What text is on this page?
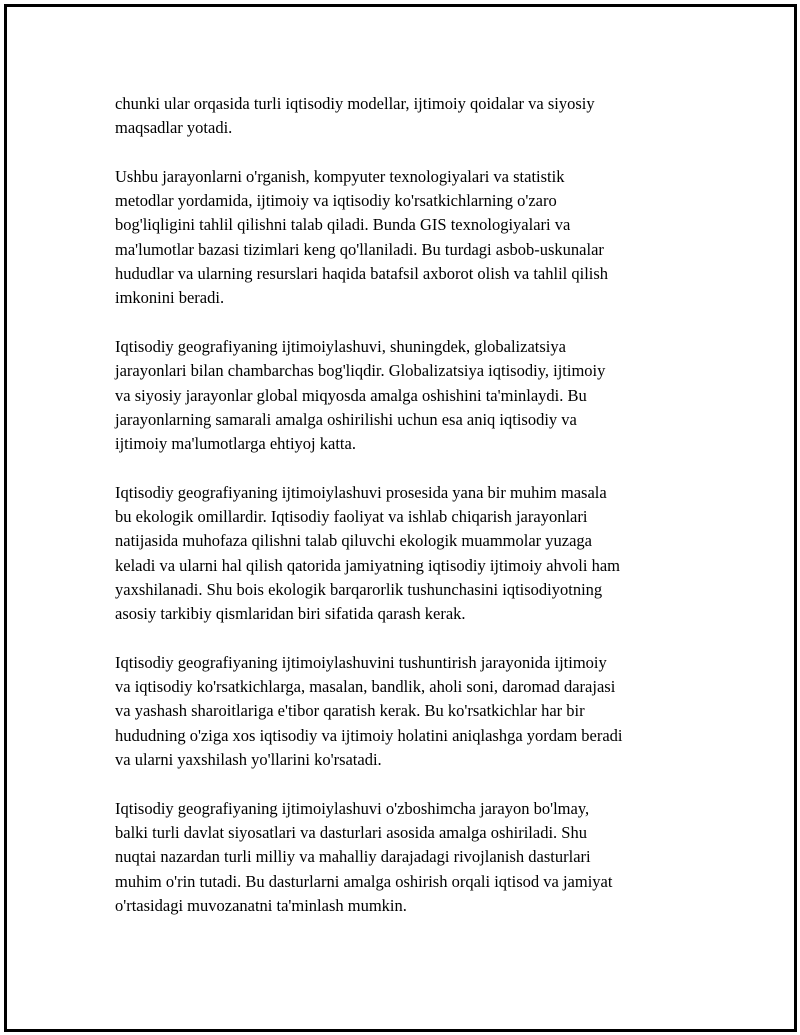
chunki ular orqasida turli iqtisodiy modellar, ijtimoiy qoidalar va siyosiy
maqsadlar yotadi.

Ushbu jarayonlarni o'rganish, kompyuter texnologiyalari va statistik
metodlar yordamida, ijtimoiy va iqtisodiy ko'rsatkichlarning o'zaro
bog'liqligini tahlil qilishni talab qiladi. Bunda GIS texnologiyalari va
ma'lumotlar bazasi tizimlari keng qo'llaniladi. Bu turdagi asbob-uskunalar
hududlar va ularning resurslari haqida batafsil axborot olish va tahlil qilish
imkonini beradi.

Iqtisodiy geografiyaning ijtimoiylashuvi, shuningdek, globalizatsiya
jarayonlari bilan chambarchas bog'liqdir. Globalizatsiya iqtisodiy, ijtimoiy
va siyosiy jarayonlar global miqyosda amalga oshishini ta'minlaydi. Bu
jarayonlarning samarali amalga oshirilishi uchun esa aniq iqtisodiy va
ijtimoiy ma'lumotlarga ehtiyoj katta.

Iqtisodiy geografiyaning ijtimoiylashuvi prosesida yana bir muhim masala
bu ekologik omillardir. Iqtisodiy faoliyat va ishlab chiqarish jarayonlari
natijasida muhofaza qilishni talab qiluvchi ekologik muammolar yuzaga
keladi va ularni hal qilish qatorida jamiyatning iqtisodiy ijtimoiy ahvoli ham
yaxshilanadi. Shu bois ekologik barqarorlik tushunchasini iqtisodiyotning
asosiy tarkibiy qismlaridan biri sifatida qarash kerak.

Iqtisodiy geografiyaning ijtimoiylashuvini tushuntirish jarayonida ijtimoiy
va iqtisodiy ko'rsatkichlarga, masalan, bandlik, aholi soni, daromad darajasi
va yashash sharoitlariga e'tibor qaratish kerak. Bu ko'rsatkichlar har bir
hududning o'ziga xos iqtisodiy va ijtimoiy holatini aniqlashga yordam beradi
va ularni yaxshilash yo'llarini ko'rsatadi.

Iqtisodiy geografiyaning ijtimoiylashuvi o'zboshimcha jarayon bo'lmay,
balki turli davlat siyosatlari va dasturlari asosida amalga oshiriladi. Shu
nuqtai nazardan turli milliy va mahalliy darajadagi rivojlanish dasturlari
muhim o'rin tutadi. Bu dasturlarni amalga oshirish orqali iqtisod va jamiyat
o'rtasidagi muvozanatni ta'minlash mumkin.
